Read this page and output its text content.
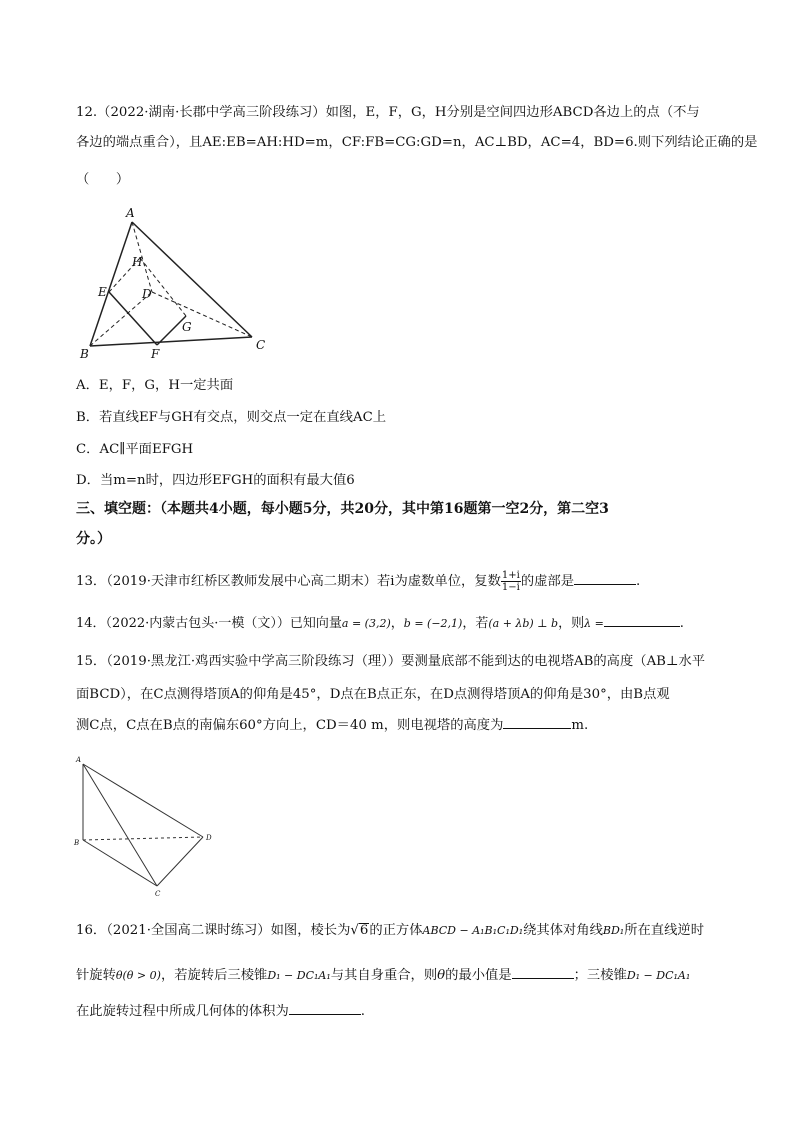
12.（2022·湖南·长郡中学高三阶段练习）如图，E，F，G，H分别是空间四边形ABCD各边上的点（不与
各边的端点重合），且AE:EB=AH:HD=m，CF:FB=CG:GD=n，AC⊥BD，AC=4，BD=6.则下列结论正确的是
（　　）
A
B
C
D
E
F
G
H
A．E，F，G，H一定共面
B．若直线EF与GH有交点，则交点一定在直线AC上
C．AC∥平面EFGH
D．当m=n时，四边形EFGH的面积有最大值6
三、填空题：（本题共4小题，每小题5分，共20分，其中第16题第一空2分，第二空3
分。）
13．（2019·天津市红桥区教师发展中心高二期末）若i为虚数单位，复数 $\frac{1+i}{1-i}$ 的虚部是	.
14．（2022·内蒙古包头·一模（文））已知向量a = (3,2)，b = (−2,1)，若(a + λb) ⊥ b，则λ =	.
15．（2019·黑龙江·鸡西实验中学高三阶段练习（理））要测量底部不能到达的电视塔AB的高度（AB⊥水平
面BCD），在C点测得塔顶A的仰角是45°，D点在B点正东，在D点测得塔顶A的仰角是30°，由B点观
测C点，C点在B点的南偏东60°方向上，CD＝40 m，则电视塔的高度为	m.
A
B
C
D
16．（2021·全国高二课时练习）如图，棱长为√6的正方体ABCD − A₁B₁C₁D₁绕其体对角线BD₁所在直线逆时
针旋转θ(θ > 0)，若旋转后三棱锥D₁ − DC₁A₁与其自身重合，则θ的最小值是	；三棱锥D₁ − DC₁A₁
在此旋转过程中所成几何体的体积为	.
